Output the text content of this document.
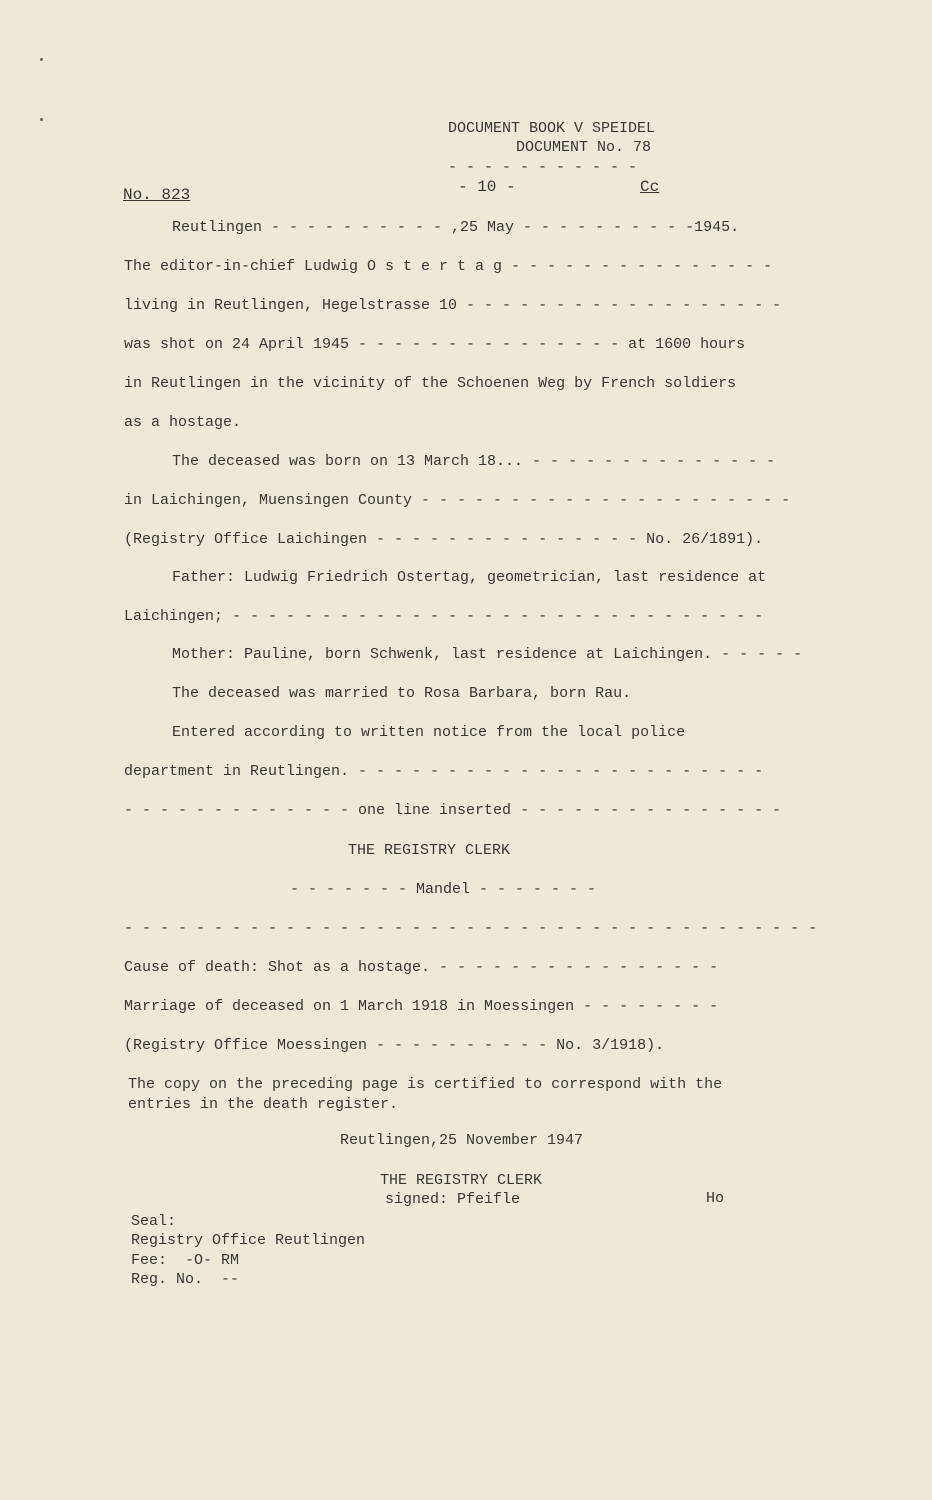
DOCUMENT BOOK V SPEIDEL
DOCUMENT No. 78
- - - - - - - - - - -
- 10 -	Cc
No. 823
Reutlingen - - - - - - - - - - ,25 May - - - - - - - - - -1945.
The editor-in-chief Ludwig O s t e r t a g - - - - - - - - - - - - - - -
living in Reutlingen, Hegelstrasse 10 - - - - - - - - - - - - - - - - - -
was shot on 24 April 1945 - - - - - - - - - - - - - - - at 1600 hours
in Reutlingen in the vicinity of the Schoenen Weg by French soldiers
as a hostage.
The deceased was born on 13 March 18... - - - - - - - - - - - - - -
in Laichingen, Muensingen County - - - - - - - - - - - - - - - - - - - - -
(Registry Office Laichingen - - - - - - - - - - - - - - - No. 26/1891).
Father: Ludwig Friedrich Ostertag, geometrician, last residence at
Laichingen; - - - - - - - - - - - - - - - - - - - - - - - - - - - - - -
Mother: Pauline, born Schwenk, last residence at Laichingen. - - - - -
The deceased was married to Rosa Barbara, born Rau.
Entered according to written notice from the local police
department in Reutlingen. - - - - - - - - - - - - - - - - - - - - - - -
- - - - - - - - - - - - - one line inserted - - - - - - - - - - - - - - -
THE REGISTRY CLERK
- - - - - - - Mandel - - - - - - -
- - - - - - - - - - - - - - - - - - - - - - - - - - - - - - - - - - - - - - -
Cause of death: Shot as a hostage. - - - - - - - - - - - - - - - -
Marriage of deceased on 1 March 1918 in Moessingen - - - - - - - -
(Registry Office Moessingen - - - - - - - - - - No. 3/1918).
The copy on the preceding page is certified to correspond with the
entries in the death register.
Reutlingen,25 November 1947
THE REGISTRY CLERK
signed: Pfeifle	Ho
Seal:
Registry Office Reutlingen
Fee:  -O- RM
Reg. No.  --
